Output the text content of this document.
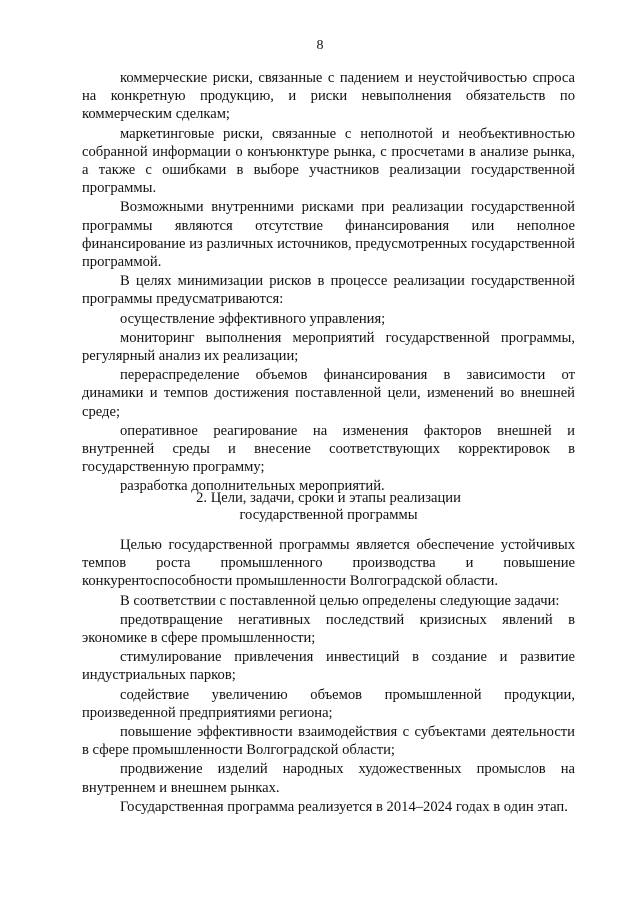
8

коммерческие риски, связанные с падением и неустойчивостью спроса на конкретную продукцию, и риски невыполнения обязательств по коммерческим сделкам;

маркетинговые риски, связанные с неполнотой и необъективностью собранной информации о конъюнктуре рынка, с просчетами в анализе рынка, а также с ошибками в выборе участников реализации государственной программы.

Возможными внутренними рисками при реализации государственной программы являются отсутствие финансирования или неполное финансирование из различных источников, предусмотренных государственной программой.

В целях минимизации рисков в процессе реализации государственной программы предусматриваются:

осуществление эффективного управления;

мониторинг выполнения мероприятий государственной программы, регулярный анализ их реализации;

перераспределение объемов финансирования в зависимости от динамики и темпов достижения поставленной цели, изменений во внешней среде;

оперативное реагирование на изменения факторов внешней и внутренней среды и внесение соответствующих корректировок в государственную программу;

разработка дополнительных мероприятий.

2. Цели, задачи, сроки и этапы реализации
государственной программы

Целью государственной программы является обеспечение устойчивых темпов роста промышленного производства и повышение конкурентоспособности промышленности Волгоградской области.

В соответствии с поставленной целью определены следующие задачи:

предотвращение негативных последствий кризисных явлений в экономике в сфере промышленности;

стимулирование привлечения инвестиций в создание и развитие индустриальных парков;

содействие увеличению объемов промышленной продукции, произведенной предприятиями региона;

повышение эффективности взаимодействия с субъектами деятельности в сфере промышленности Волгоградской области;

продвижение изделий народных художественных промыслов на внутреннем и внешнем рынках.

Государственная программа реализуется в 2014–2024 годах в один этап.
